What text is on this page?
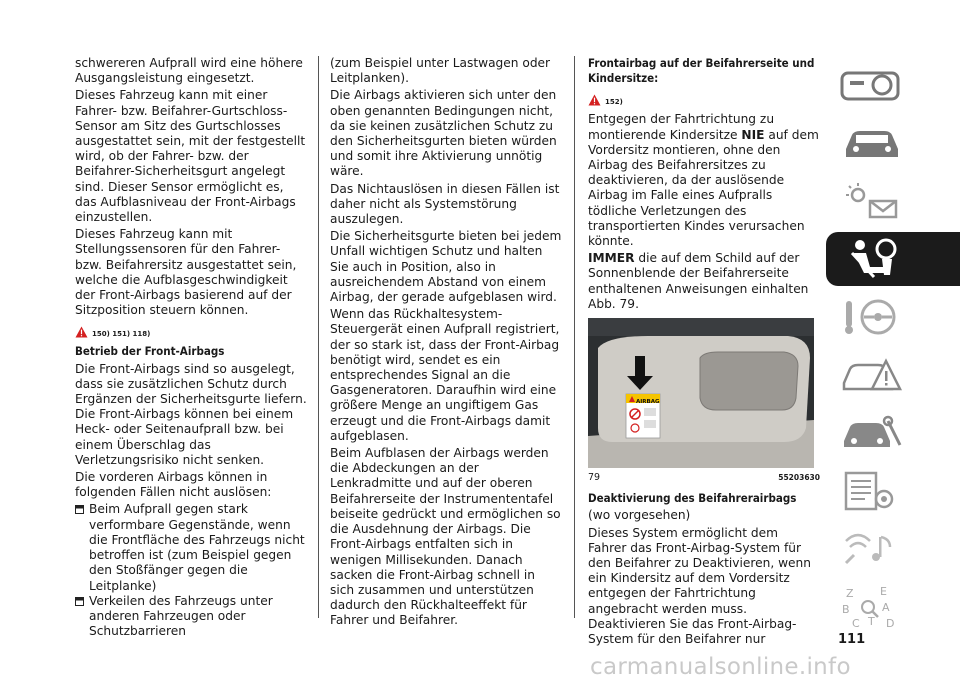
schwereren Aufprall wird eine höhere Ausgangsleistung eingesetzt.

Dieses Fahrzeug kann mit einer Fahrer- bzw. Beifahrer-Gurtschloss-Sensor am Sitz des Gurtschlosses ausgestattet sein, mit der festgestellt wird, ob der Fahrer- bzw. der Beifahrer-Sicherheitsgurt angelegt sind. Dieser Sensor ermöglicht es, das Aufblasniveau der Front-Airbags einzustellen.

Dieses Fahrzeug kann mit Stellungssensoren für den Fahrer- bzw. Beifahrersitz ausgestattet sein, welche die Aufblasgeschwindigkeit der Front-Airbags basierend auf der Sitzposition steuern können.

150) 151) 118)
Betrieb der Front-Airbags

Die Front-Airbags sind so ausgelegt, dass sie zusätzlichen Schutz durch Ergänzen der Sicherheitsgurte liefern. Die Front-Airbags können bei einem Heck- oder Seitenaufprall bzw. bei einem Überschlag das Verletzungsrisiko nicht senken.

Die vorderen Airbags können in folgenden Fällen nicht auslösen:

Beim Aufprall gegen stark verformbare Gegenstände, wenn die Frontfläche des Fahrzeugs nicht betroffen ist (zum Beispiel gegen den Stoßfänger gegen die Leitplanke)
Verkeilen des Fahrzeugs unter anderen Fahrzeugen oder Schutzbarrieren

(zum Beispiel unter Lastwagen oder Leitplanken).

Die Airbags aktivieren sich unter den oben genannten Bedingungen nicht, da sie keinen zusätzlichen Schutz zu den Sicherheitsgurten bieten würden und somit ihre Aktivierung unnötig wäre.

Das Nichtauslösen in diesen Fällen ist daher nicht als Systemstörung auszulegen.

Die Sicherheitsgurte bieten bei jedem Unfall wichtigen Schutz und halten Sie auch in Position, also in ausreichendem Abstand von einem Airbag, der gerade aufgeblasen wird.

Wenn das Rückhaltesystem-Steuergerät einen Aufprall registriert, der so stark ist, dass der Front-Airbag benötigt wird, sendet es ein entsprechendes Signal an die Gasgeneratoren. Daraufhin wird eine größere Menge an ungiftigem Gas erzeugt und die Front-Airbags damit aufgeblasen.

Beim Aufblasen der Airbags werden die Abdeckungen an der Lenkradmitte und auf der oberen Beifahrerseite der Instrumententafel beiseite gedrückt und ermöglichen so die Ausdehnung der Airbags. Die Front-Airbags entfalten sich in wenigen Millisekunden. Danach sacken die Front-Airbag schnell in sich zusammen und unterstützen dadurch den Rückhalteeffekt für Fahrer und Beifahrer.

Frontairbag auf der Beifahrerseite und Kindersitze:
152)

Entgegen der Fahrtrichtung zu montierende Kindersitze NIE auf dem Vordersitz montieren, ohne den Airbag des Beifahrersitzes zu deaktivieren, da der auslösende Airbag im Falle eines Aufpralls tödliche Verletzungen des transportierten Kindes verursachen könnte.

IMMER die auf dem Schild auf der Sonnenblende der Beifahrerseite enthaltenen Anweisungen einhalten Abb. 79.

AIRBAG
79	55203630
Deaktivierung des Beifahrerairbags

(wo vorgesehen)

Dieses System ermöglicht dem Fahrer das Front-Airbag-System für den Beifahrer zu Deaktivieren, wenn ein Kindersitz auf dem Vordersitz entgegen der Fahrtrichtung angebracht werden muss. Deaktivieren Sie das Front-Airbag-System für den Beifahrer nur

Z E
B	A
C T D
111
carmanualsonline.info
